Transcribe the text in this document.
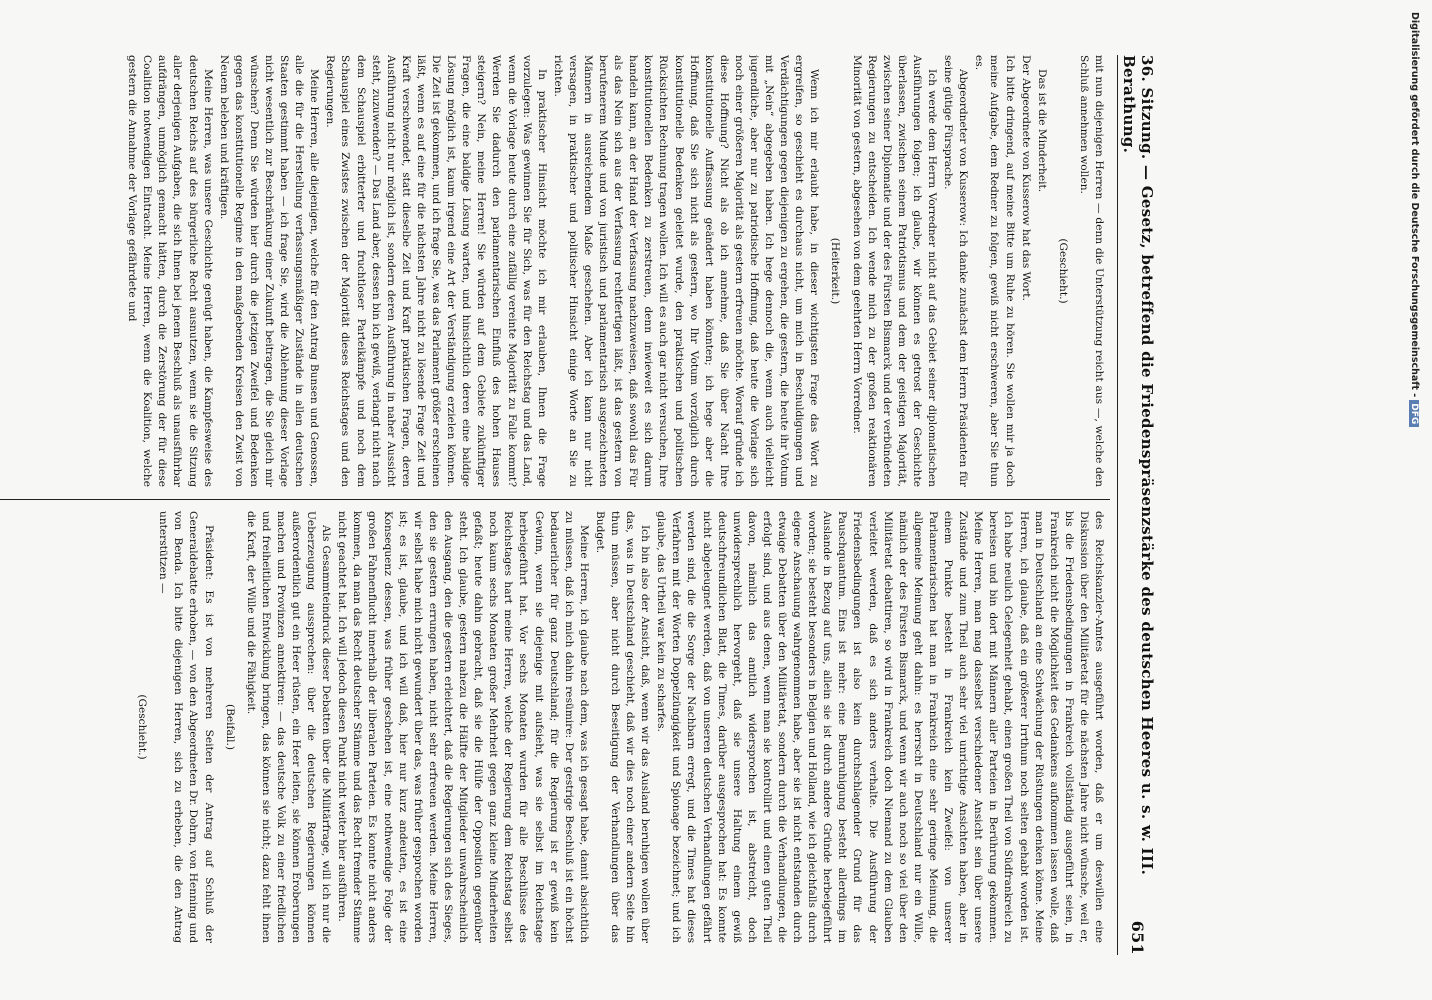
36. Sitzung. — Gesetz, betreffend die Friedenspräsenzstärke des deutschen Heeres u. s. w. III. Berathung.
651

mit nun diejenigen Herren — denn die Unterstützung reicht aus —, welche den Schluß annehmen wollen.

(Geschieht.)

Das ist die Minderheit.

Der Abgeordnete von Kusserow hat das Wort.

Ich bitte dringend, auf meine Bitte um Ruhe zu hören. Sie wollen mir ja doch meine Aufgabe, dem Redner zu folgen, gewiß nicht erschweren, aber Sie thun es.

Abgeordneter von Kusserow: Ich danke zunächst dem Herrn Präsidenten für seine gütige Fürsprache.

Ich werde dem Herrn Vorredner nicht auf das Gebiet seiner diplomatischen Ausführungen folgen; ich glaube, wir können es getrost der Geschichte überlassen, zwischen seinem Patriotismus und dem der geistigen Majorität, zwischen seiner Diplomatie und der des Fürsten Bismarck und der verbündeten Regierungen zu entscheiden. Ich wende mich zu der großen reaktionären Minorität von gestern, abgesehen von dem geehrten Herrn Vorredner.

(Heiterkeit.)

Wenn ich mir erlaubt habe, in dieser wichtigsten Frage das Wort zu ergreifen, so geschieht es durchaus nicht, um mich in Beschuldigungen und Verdächtigungen gegen diejenigen zu ergehen, die gestern, die heute ihr Votum mit „Nein“ abgegeben haben. Ich hege dennoch die, wenn auch vielleicht jugendliche, aber nur zu patriotische Hoffnung, daß heute die Vorlage sich noch einer größeren Majorität als gestern erfreuen möchte. Worauf gründe ich diese Hoffnung? Nicht als ob ich annehme, daß Sie über Nacht Ihre konstitutionelle Auffassung geändert haben könnten; ich hege aber die Hoffnung, daß Sie sich nicht als gestern, wo Ihr Votum vorzüglich durch konstitutionelle Bedenken geleitet wurde, den praktischen und politischen Rücksichten Rechnung tragen wollen. Ich will es auch gar nicht versuchen, Ihre konstitutionellen Bedenken zu zerstreuen, denn inwieweit es sich darum handeln kann, an der Hand der Verfassung nachzuweisen, daß sowohl das Für als das Nein sich aus der Verfassung rechtfertigen läßt, ist das gestern von berufenerem Munde und von juristisch und parlamentarisch ausgezeichneten Männern in ausreichendem Maße geschehen. Aber ich kann nur nicht versagen, in praktischer und politischer Hinsicht einige Worte an Sie zu richten.

In praktischer Hinsicht möchte ich mir erlauben, Ihnen die Frage vorzulegen: Was gewinnen Sie für Sich, was für den Reichstag und das Land, wenn die Vorlage heute durch eine zufällig vereinte Majorität zu Falle kommt? Werden Sie dadurch den parlamentarischen Einfluß des hohen Hauses steigern? Nein, meine Herren! Sie würden auf dem Gebiete zukünftiger Fragen, die eine baldige Lösung warten, und hinsichtlich deren eine baldige Lösung möglich ist, kaum irgend eine Art der Verständigung erzielen können. Die Zeit ist gekommen, und ich frage Sie, was das Parlament größer erscheinen läßt, wenn es auf eine für die nächsten Jahre nicht zu lösende Frage Zeit und Kraft verschwendet, statt dieselbe Zeit und Kraft praktischen Fragen, deren Ausführung nicht nur möglich ist, sondern deren Ausführung in naher Aussicht steht, zuzuwenden? — Das Land aber, dessen bin ich gewiß, verlangt nicht nach dem Schauspiel erbitterter und fruchtloser Parteikämpfe und noch dem Schauspiel eines Zwistes zwischen der Majorität dieses Reichstages und den Regierungen.

Meine Herren, alle diejenigen, welche für den Antrag Bunsen und Genossen, alle die für die Herstellung verfassungsmäßiger Zustände in allen deutschen Staaten gestimmt haben — ich frage Sie, wird die Ablehnung dieser Vorlage nicht wesentlich zur Beschränkung einer Zukunft beitragen, die Sie gleich mir wünschen? Denn Sie würden hier durch die jetzigen Zweifel und Bedenken gegen das konstitutionelle Regime in den maßgebenden Kreisen den Zwist von Neuem beleben und kräftigen.

Meine Herren, was unsere Geschichte genügt haben, die Kampfesweise des deutschen Reichs auf des bürgerliche Recht ausnutzen, wenn sie die Sitzung aller derjenigen Aufgaben, die sich Ihnen bei jenem Beschluß als unausführbar aufdrängen, unmöglich gemacht hätten, durch die Zerstörung der für diese Coalition notwendigen Eintracht. Meine Herren, wenn die Koalition, welche gestern die Annahme der Vorlage gefährdete und

des Reichskanzler-Amtes ausgeführt worden, daß er um deswillen eine Diskussion über den Militäretat für die nächsten Jahre nicht wünsche, weil er, bis die Friedensbedingungen in Frankreich vollständig ausgeführt seien, in Frankreich nicht die Möglichkeit des Gedankens aufkommen lassen wolle, daß man in Deutschland an eine Schwächung der Rüstungen denken könne. Meine Herren, ich glaube, daß ein größerer Irrthum noch selten gehabt worden ist. Ich habe neulich Gelegenheit gehabt, einen großen Theil von Südfrankreich zu bereisen und bin dort mit Männern aller Parteien in Berührung gekommen. Meine Herren, man mag dasselbst verschiedener Ansicht sein über unsere Zustände und zum Theil auch sehr viel unrichtige Ansichten haben, aber in einem Punkte besteht in Frankreich kein Zweifel: von unserer Parlamentarischen hat man in Frankreich eine sehr geringe Meinung, die allgemeine Meinung geht dahin: es herrscht in Deutschland nur ein Wille, nämlich der des Fürsten Bismarck, und wenn wir auch noch so viel über den Militäretat debattiren, so wird in Frankreich doch Niemand zu dem Glauben verleitet werden, daß es sich anders verhalte. Die Ausführung der Friedensbedingungen ist also kein durchschlagender Grund für das Pauschquantum. Eins ist mehr: eine Beunruhigung besteht allerdings im Auslande in Bezug auf uns, allein sie ist durch andere Gründe herbeigeführt worden; sie besteht besonders in Belgien und Holland, wie ich gleichfalls durch eigene Anschauung wahrgenommen habe, aber sie ist nicht entstanden durch etwaige Debatten über den Militäretat, sondern durch die Verhandlungen, die erfolgt sind, und aus denen, wenn man sie kontrollirt und einen guten Theil davon, nämlich das amtlich widersprochen ist, abstreicht, doch unwidersprechlich hervorgeht, daß sie unsere Haltung einem gewiß deutschfreundlichen Blatt, die Times, darüber ausgesprochen hat: Es konnte nicht abgeleugnet werden, daß von unseren deutschen Verhandlungen gefährt werden sind, die die Sorge der Nachbarn erregt, und die Times hat dieses Verfahren mit der Worten Doppelzüngigkeit und Spionage bezeichnet; und ich glaube, das Urtheil war kein zu scharfes.

Ich bin also der Ansicht, daß, wenn wir das Ausland beruhigen wollen über das, was in Deutschland geschieht, daß wir dies noch einer andern Seite hin thun müssen, aber nicht durch Beseitigung der Verhandlungen über das Budget.

Meine Herren, ich glaube nach dem, was ich gesagt habe, damit absichtlich zu müssen, daß ich mich dahin resümire: Der gestrige Beschluß ist ein höchst bedauerlicher für ganz Deutschland; für die Regierung ist er gewiß kein Gewinn, wenn sie diejenige mit aufsieht, was sie selbst im Reichstage herbeigeführt hat. Vor sechs Monaten wurden für alle Beschlüsse des Reichstages hart meine Herren, welche der Regierung dem Reichstag selbst noch kaum sechs Monaten großer Mehrheit gegen ganz kleine Minderheiten gefaßt; heute dahin gebracht, daß sie die Hülfe der Opposition gegenüber steht. Ich glaube, gestern nahezu die Hälfte der Mitglieder unwahrscheinlich den Ausgang, den die gestern erleichtert, daß die Regierungen sich des Sieges, den sie gestern errungen haben, nicht sehr erfreuen werden. Meine Herren, wir selbst habe mich nicht gewundert über das, was früher gesprochen worden ist; es ist, glaube, und ich will daß, hier nur kurz andeuten, es ist eine Konsequenz dessen, was früher geschehen ist, eine nothwendige Folge der großen Fahnenflucht innerhalb der liberalen Parteien. Es konnte nicht anders kommen, da man das Recht deutscher Stämme und das Recht fremder Stämme nicht geachtet hat. Ich will jedoch diesen Punkt nicht weiter hier ausführen.

Als Gesammteindruck dieser Debatten über die Militärfrage, will ich nur die Ueberzeugung aussprechen: über die deutschen Regierungen können außerordentlich gut ein Heer rüsten, ein Heer leiten, sie können Eroberungen machen und Provinzen annektiren: — das deutsche Volk zu einer friedlichen und freiheitlichen Entwicklung bringen, das können sie nicht; dazu fehlt ihnen die Kraft, der Wille und die Fähigkeit.

(Beifall.)

Präsident: Es ist von mehreren Seiten der Antrag auf Schluß der Generaldebatte erhoben, — von den Abgeordneten Dr. Dohrn, von Henning und von Benda. Ich bitte diejenigen Herren, sich zu erheben, die den Antrag unterstützen —

(Geschieht.)

Digitalisierung gefördert durch die Deutsche Forschungsgemeinschaft -DFG
